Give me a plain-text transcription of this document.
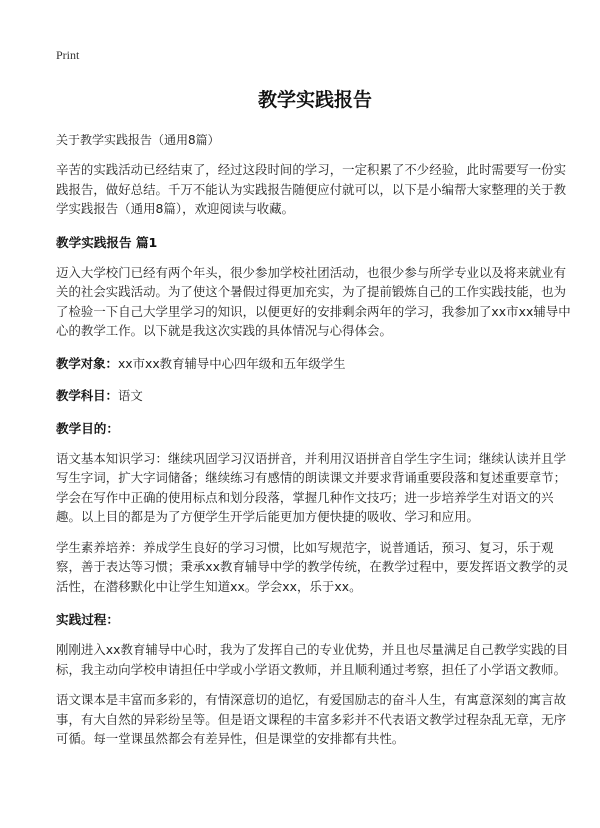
Print
教学实践报告
关于教学实践报告（通用8篇）

辛苦的实践活动已经结束了，经过这段时间的学习，一定积累了不少经验，此时需要写一份实践报告，做好总结。千万不能认为实践报告随便应付就可以，以下是小编帮大家整理的关于教学实践报告（通用8篇），欢迎阅读与收藏。

教学实践报告 篇1

迈入大学校门已经有两个年头，很少参加学校社团活动，也很少参与所学专业以及将来就业有关的社会实践活动。为了使这个暑假过得更加充实，为了提前锻炼自己的工作实践技能，也为了检验一下自己大学里学习的知识，以便更好的安排剩余两年的学习，我参加了xx市xx辅导中心的教学工作。以下就是我这次实践的具体情况与心得体会。

教学对象：xx市xx教育辅导中心四年级和五年级学生
教学科目：语文
教学目的：

语文基本知识学习：继续巩固学习汉语拼音，并利用汉语拼音自学生字生词；继续认读并且学写生字词，扩大字词储备；继续练习有感情的朗读课文并要求背诵重要段落和复述重要章节；学会在写作中正确的使用标点和划分段落，掌握几种作文技巧；进一步培养学生对语文的兴趣。以上目的都是为了方便学生开学后能更加方便快捷的吸收、学习和应用。

学生素养培养：养成学生良好的学习习惯，比如写规范字，说普通话，预习、复习，乐于观察，善于表达等习惯；秉承xx教育辅导中学的教学传统，在教学过程中，要发挥语文教学的灵活性，在潜移默化中让学生知道xx。学会xx，乐于xx。

实践过程：

刚刚进入xx教育辅导中心时，我为了发挥自己的专业优势，并且也尽量满足自己教学实践的目标，我主动向学校申请担任中学或小学语文教师，并且顺利通过考察，担任了小学语文教师。

语文课本是丰富而多彩的，有情深意切的追忆，有爱国励志的奋斗人生，有寓意深刻的寓言故事，有大自然的异彩纷呈等。但是语文课程的丰富多彩并不代表语文教学过程杂乱无章，无序可循。每一堂课虽然都会有差异性，但是课堂的安排都有共性。
